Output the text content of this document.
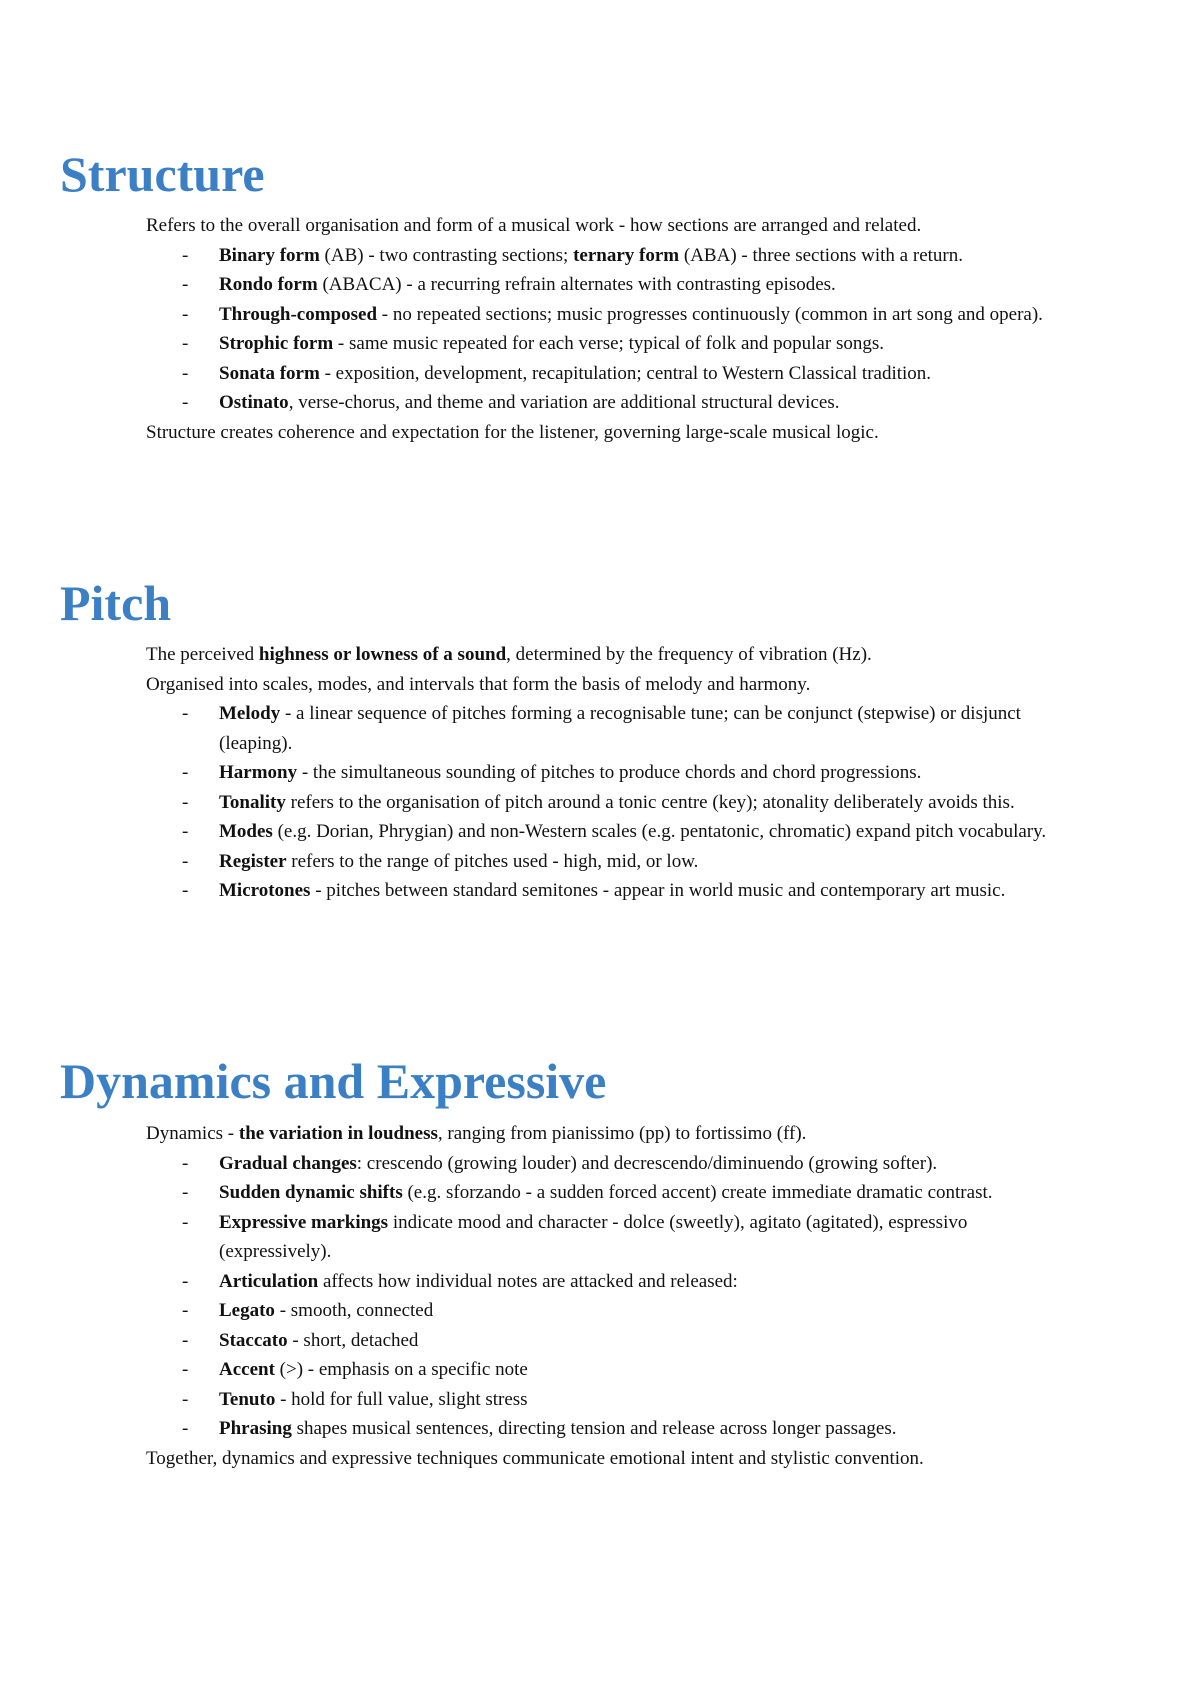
Structure

Refers to the overall organisation and form of a musical work - how sections are arranged and related.

- Binary form (AB) - two contrasting sections; ternary form (ABA) - three sections with a return.
- Rondo form (ABACA) - a recurring refrain alternates with contrasting episodes.
- Through-composed - no repeated sections; music progresses continuously (common in art song and opera).
- Strophic form - same music repeated for each verse; typical of folk and popular songs.
- Sonata form - exposition, development, recapitulation; central to Western Classical tradition.
- Ostinato, verse-chorus, and theme and variation are additional structural devices.

Structure creates coherence and expectation for the listener, governing large-scale musical logic.

Pitch

The perceived highness or lowness of a sound, determined by the frequency of vibration (Hz).

Organised into scales, modes, and intervals that form the basis of melody and harmony.

- Melody - a linear sequence of pitches forming a recognisable tune; can be conjunct (stepwise) or disjunct (leaping).
- Harmony - the simultaneous sounding of pitches to produce chords and chord progressions.
- Tonality refers to the organisation of pitch around a tonic centre (key); atonality deliberately avoids this.
- Modes (e.g. Dorian, Phrygian) and non-Western scales (e.g. pentatonic, chromatic) expand pitch vocabulary.
- Register refers to the range of pitches used - high, mid, or low.
- Microtones - pitches between standard semitones - appear in world music and contemporary art music.
Dynamics and Expressive

Dynamics - the variation in loudness, ranging from pianissimo (pp) to fortissimo (ff).

- Gradual changes: crescendo (growing louder) and decrescendo/diminuendo (growing softer).
- Sudden dynamic shifts (e.g. sforzando - a sudden forced accent) create immediate dramatic contrast.
- Expressive markings indicate mood and character - dolce (sweetly), agitato (agitated), espressivo (expressively).
- Articulation affects how individual notes are attacked and released:
- Legato - smooth, connected
- Staccato - short, detached
- Accent (>) - emphasis on a specific note
- Tenuto - hold for full value, slight stress
- Phrasing shapes musical sentences, directing tension and release across longer passages.

Together, dynamics and expressive techniques communicate emotional intent and stylistic convention.
